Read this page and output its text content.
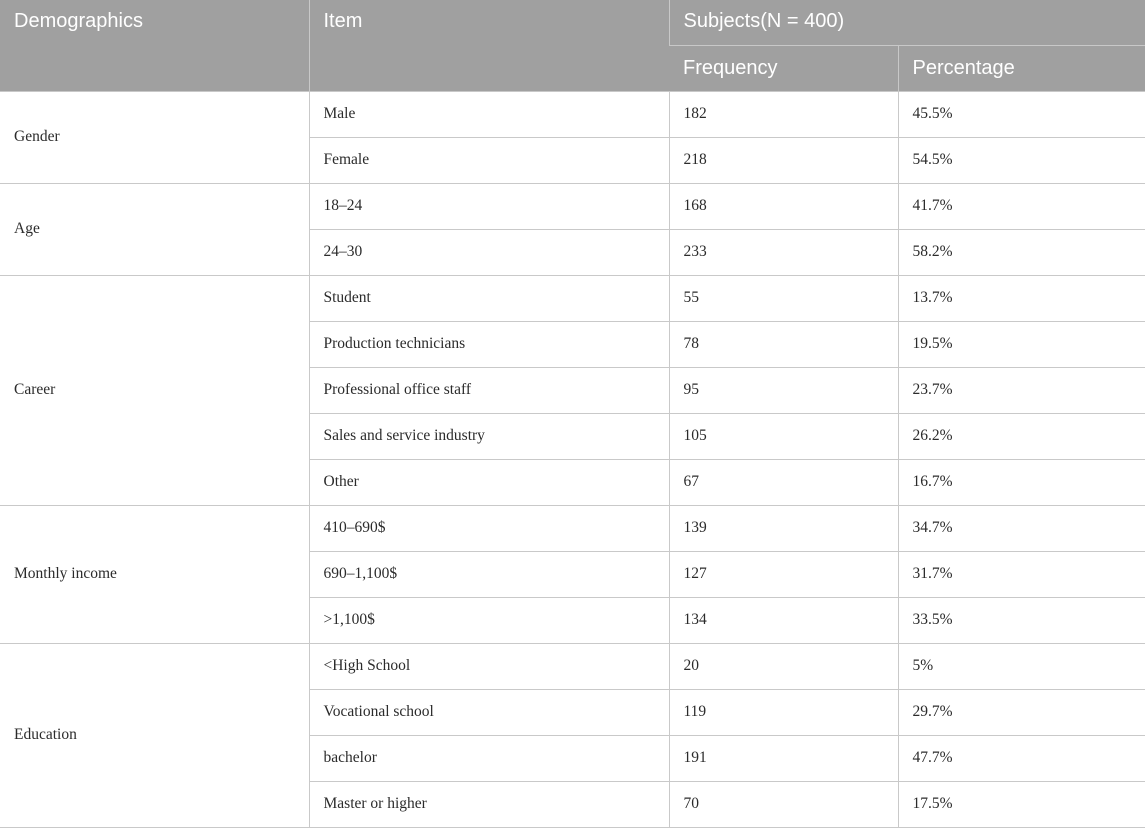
Demographics	Item	Subjects(N = 400)	
		Frequency	Percentage
Gender	Male	182	45.5%
	Female	218	54.5%
Age	18–24	168	41.7%
	24–30	233	58.2%
Career	Student	55	13.7%
	Production technicians	78	19.5%
	Professional office staff	95	23.7%
	Sales and service industry	105	26.2%
	Other	67	16.7%
Monthly income	410–690$	139	34.7%
	690–1,100$	127	31.7%
	>1,100$	134	33.5%
Education	<High School	20	5%
	Vocational school	119	29.7%
	bachelor	191	47.7%
	Master or higher	70	17.5%
